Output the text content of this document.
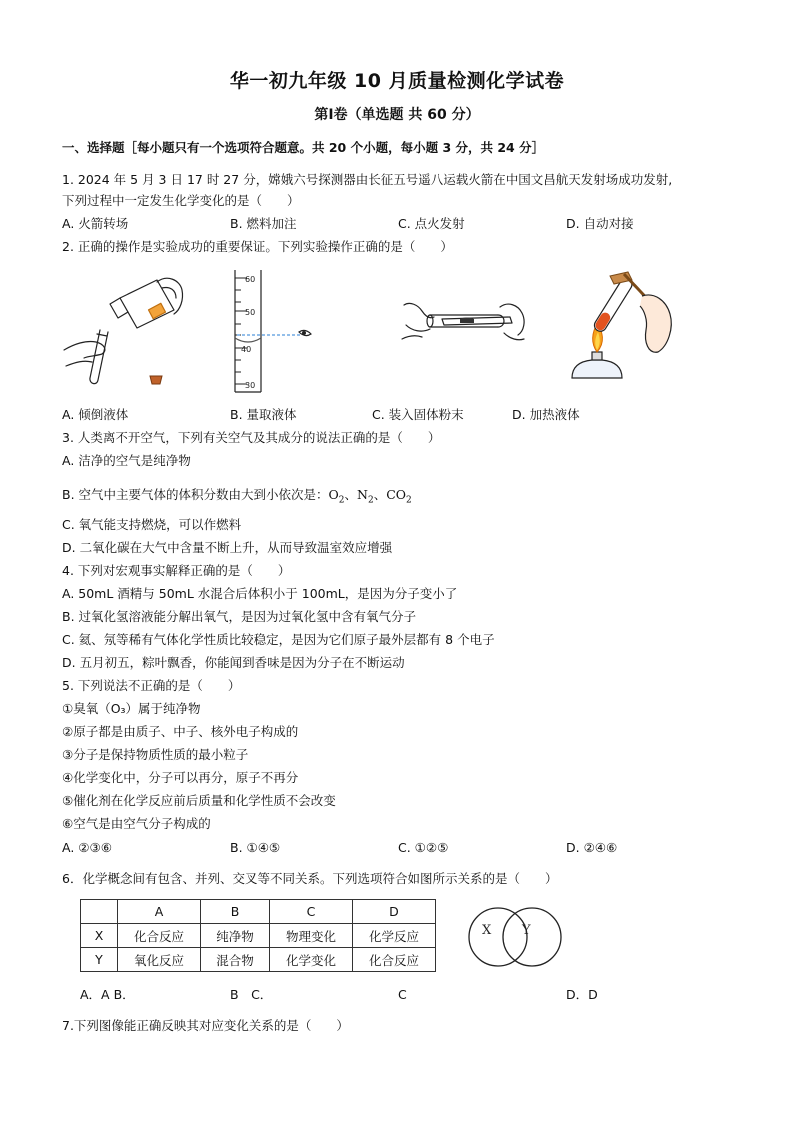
华一初九年级 10 月质量检测化学试卷
第Ⅰ卷（单选题 共 60 分）
一、选择题［每小题只有一个选项符合题意。共 20 个小题，每小题 3 分，共 24 分］
1. 2024 年 5 月 3 日 17 时 27 分，嫦娥六号探测器由长征五号遥八运载火箭在中国文昌航天发射场成功发射,
下列过程中一定发生化学变化的是（　　）
A. 火箭转场	B. 燃料加注	C. 点火发射	D. 自动对接
2. 正确的操作是实验成功的重要保证。下列实验操作正确的是（　　）
60
50
40
30
A. 倾倒液体	B. 量取液体	C. 装入固体粉末	D. 加热液体
3. 人类离不开空气，下列有关空气及其成分的说法正确的是（　　）
A. 洁净的空气是纯净物
B. 空气中主要气体的体积分数由大到小依次是：$O_2$、$N_2$、$CO_2$
C. 氧气能支持燃烧，可以作燃料
D. 二氧化碳在大气中含量不断上升，从而导致温室效应增强
4. 下列对宏观事实解释正确的是（　　）
A. 50mL 酒精与 50mL 水混合后体积小于 100mL，是因为分子变小了
B. 过氧化氢溶液能分解出氧气，是因为过氧化氢中含有氧气分子
C. 氦、氖等稀有气体化学性质比较稳定，是因为它们原子最外层都有 8 个电子
D. 五月初五，粽叶飘香，你能闻到香味是因为分子在不断运动
5. 下列说法不正确的是（　　）
①臭氧（O₃）属于纯净物
②原子都是由质子、中子、核外电子构成的
③分子是保持物质性质的最小粒子
④化学变化中，分子可以再分，原子不再分
⑤催化剂在化学反应前后质量和化学性质不会改变
⑥空气是由空气分子构成的
A. ②③⑥	B. ①④⑤	C. ①②⑤	D. ②④⑥
6．化学概念间有包含、并列、交叉等不同关系。下列选项符合如图所示关系的是（　　）
	A	B	C	D
X	化合反应	纯净物	物理变化	化学反应
Y	氧化反应	混合物	化学变化	化合反应
X Y
A．A B．	B　C．	C	D．D
7.下列图像能正确反映其对应变化关系的是（　　）
